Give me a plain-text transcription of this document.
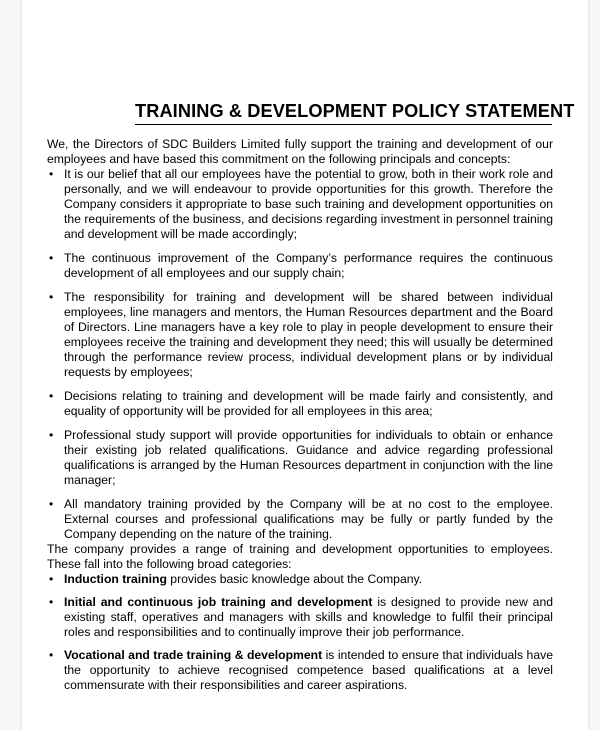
TRAINING & DEVELOPMENT POLICY STATEMENT

We, the Directors of SDC Builders Limited fully support the training and development of our employees and have based this commitment on the following principals and concepts:

• It is our belief that all our employees have the potential to grow, both in their work role and personally, and we will endeavour to provide opportunities for this growth. Therefore the Company considers it appropriate to base such training and development opportunities on the requirements of the business, and decisions regarding investment in personnel training and development will be made accordingly;
• The continuous improvement of the Company’s performance requires the continuous development of all employees and our supply chain;
• The responsibility for training and development will be shared between individual employees, line managers and mentors, the Human Resources department and the Board of Directors. Line managers have a key role to play in people development to ensure their employees receive the training and development they need; this will usually be determined through the performance review process, individual development plans or by individual requests by employees;
• Decisions relating to training and development will be made fairly and consistently, and equality of opportunity will be provided for all employees in this area;
• Professional study support will provide opportunities for individuals to obtain or enhance their existing job related qualifications. Guidance and advice regarding professional qualifications is arranged by the Human Resources department in conjunction with the line manager;
• All mandatory training provided by the Company will be at no cost to the employee. External courses and professional qualifications may be fully or partly funded by the Company depending on the nature of the training.

The company provides a range of training and development opportunities to employees. These fall into the following broad categories:

• Induction training provides basic knowledge about the Company.
• Initial and continuous job training and development is designed to provide new and existing staff, operatives and managers with skills and knowledge to fulfil their principal roles and responsibilities and to continually improve their job performance.
• Vocational and trade training & development is intended to ensure that individuals have the opportunity to achieve recognised competence based qualifications at a level commensurate with their responsibilities and career aspirations.
